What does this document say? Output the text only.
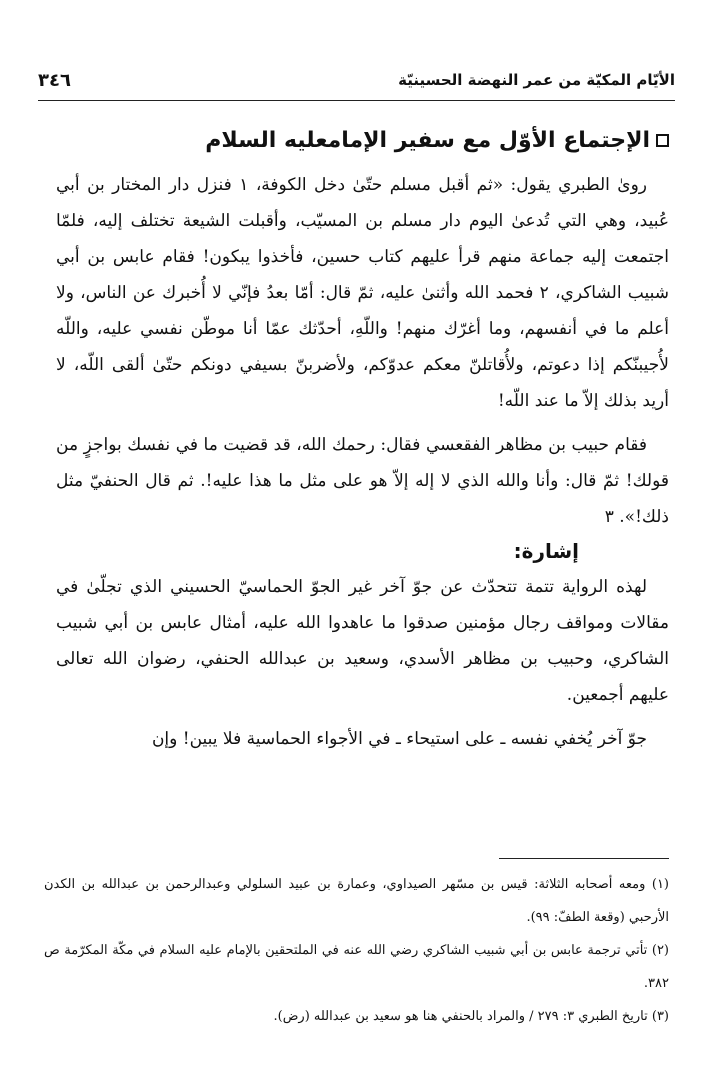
٣٤٦	الأيّام المكيّة من عمر النهضة الحسينيّة
الإجتماع الأوّل مع سفير الإمامعليه السلام

روىٰ الطبري يقول: «ثم أقبل مسلم حتّىٰ دخل الكوفة، ١ فنزل دار المختار بن أبي عُبيد، وهي التي تُدعىٰ اليوم دار مسلم بن المسيّب، وأقبلت الشيعة تختلف إليه، فلمّا اجتمعت إليه جماعة منهم قرأ عليهم كتاب حسين، فأخذوا يبكون! فقام عابس بن أبي شبيب الشاكري، ٢ فحمد الله وأثنىٰ عليه، ثمّ قال: أمّا بعدُ فإنّي لا أُخبرك عن الناس، ولا أعلم ما في أنفسهم، وما أغرّك منهم! واللّهِ، أحدّثك عمّا أنا موطّن نفسي عليه، واللّه لأُجيبنّكم إذا دعوتم، ولأُقاتلنّ معكم عدوّكم، ولأضربنّ بسيفي دونكم حتّىٰ ألقى اللّه، لا أريد بذلك إلاّ ما عند اللّه!

فقام حبيب بن مظاهر الفقعسي فقال: رحمك الله، قد قضيت ما في نفسك بواجزٍ من قولك! ثمّ قال: وأنا والله الذي لا إله إلاّ هو على مثل ما هذا عليه!. ثم قال الحنفيّ مثل ذلك!». ٣

إشارة:

لهذه الرواية تتمة تتحدّث عن جوّ آخر غير الجوّ الحماسيّ الحسيني الذي تجلّىٰ في مقالات ومواقف رجال مؤمنين صدقوا ما عاهدوا الله عليه، أمثال عابس بن أبي شبيب الشاكري، وحبيب بن مظاهر الأسدي، وسعيد بن عبدالله الحنفي، رضوان الله تعالى عليهم أجمعين.

جوّ آخر يُخفي نفسه ـ على استيحاء ـ في الأجواء الحماسية فلا يبين! وإن

(١) ومعه أصحابه الثلاثة: قيس بن مسّهر الصيداوي، وعمارة بن عبيد السلولي وعبدالرحمن بن عبدالله بن الكدن الأرحبي (وقعة الطفّ: ٩٩).

(٢) تأتي ترجمة عابس بن أبي شبيب الشاكري رضي الله عنه في الملتحقين بالإمام عليه السلام في مكّة المكرّمة ص ٣٨٢.

(٣) تاريخ الطبري ٣: ٢٧٩ / والمراد بالحنفي هنا هو سعيد بن عبدالله (رض).
